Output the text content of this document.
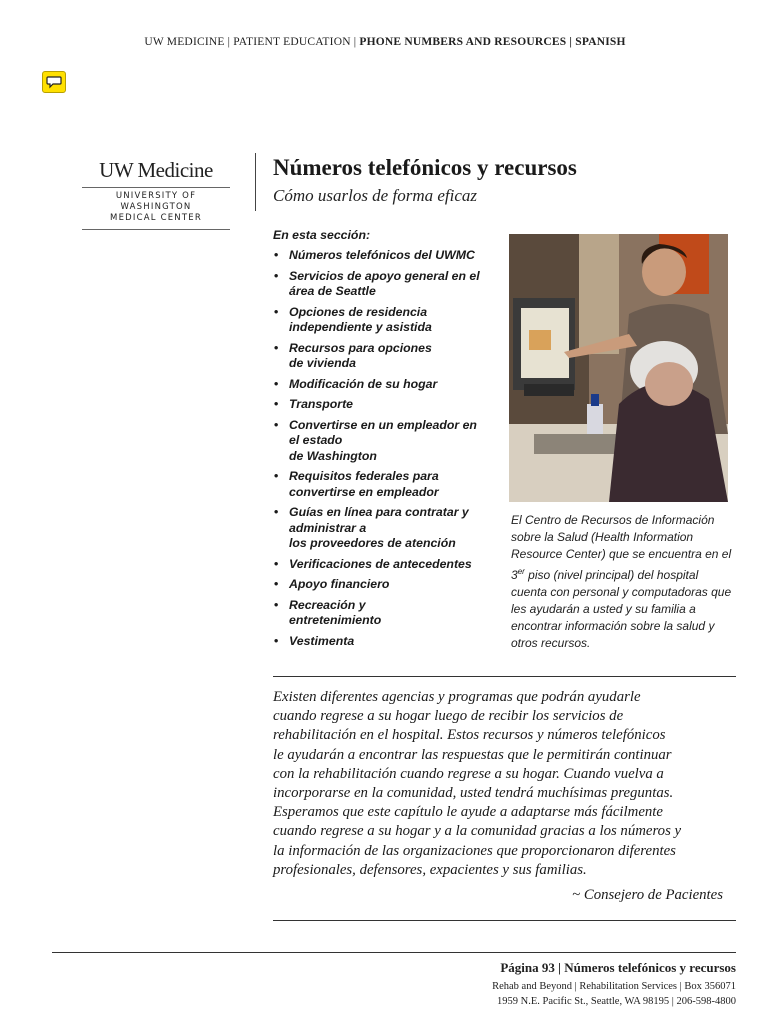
UW MEDICINE | PATIENT EDUCATION | PHONE NUMBERS AND RESOURCES | SPANISH
UW Medicine
UNIVERSITY OF WASHINGTON
MEDICAL CENTER
Números telefónicos y recursos
Cómo usarlos de forma eficaz
En esta sección:
• Números telefónicos del UWMC
• Servicios de apoyo general en el
área de Seattle
• Opciones de residencia
independiente y asistida
• Recursos para opciones
de vivienda
• Modificación de su hogar
• Transporte
• Convertirse en un empleador en
el estado
de Washington
• Requisitos federales para
convertirse en empleador
• Guías en línea para contratar y
administrar a
los proveedores de atención
• Verificaciones de antecedentes
• Apoyo financiero
• Recreación y
entretenimiento
• Vestimenta
El Centro de Recursos de Información sobre la Salud (Health Information Resource Center) que se encuentra en el 3er piso (nivel principal) del hospital cuenta con personal y computadoras que les ayudarán a usted y su familia a encontrar información sobre la salud y otros recursos.
Existen diferentes agencias y programas que podrán ayudarle
cuando regrese a su hogar luego de recibir los servicios de
rehabilitación en el hospital. Estos recursos y números telefónicos
le ayudarán a encontrar las respuestas que le permitirán continuar
con la rehabilitación cuando regrese a su hogar. Cuando vuelva a
incorporarse en la comunidad, usted tendrá muchísimas preguntas.
Esperamos que este capítulo le ayude a adaptarse más fácilmente
cuando regrese a su hogar y a la comunidad gracias a los números y
la información de las organizaciones que proporcionaron diferentes
profesionales, defensores, expacientes y sus familias.
~ Consejero de Pacientes
Página 93 | Números telefónicos y recursos
Rehab and Beyond | Rehabilitation Services | Box 356071
1959 N.E. Pacific St., Seattle, WA 98195 | 206-598-4800
